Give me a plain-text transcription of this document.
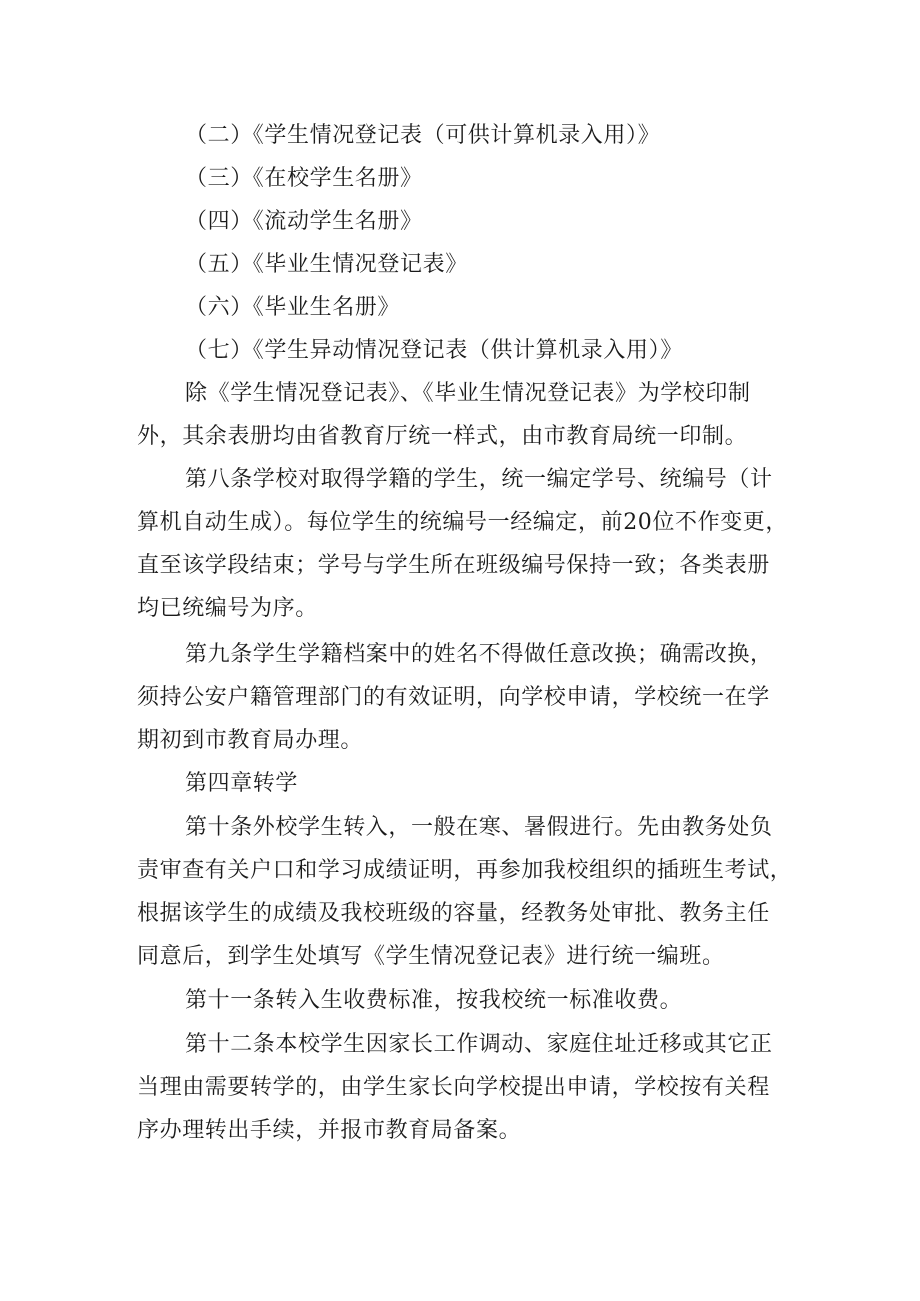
（二）《学生情况登记表（可供计算机录入用）》

（三）《在校学生名册》

（四）《流动学生名册》

（五）《毕业生情况登记表》

（六）《毕业生名册》

（七）《学生异动情况登记表（供计算机录入用）》

除《学生情况登记表》、《毕业生情况登记表》为学校印制

外，其余表册均由省教育厅统一样式，由市教育局统一印制。

第八条学校对取得学籍的学生，统一编定学号、统编号（计

算机自动生成）。每位学生的统编号一经编定，前20位不作变更，

直至该学段结束；学号与学生所在班级编号保持一致；各类表册

均已统编号为序。

第九条学生学籍档案中的姓名不得做任意改换；确需改换，

须持公安户籍管理部门的有效证明，向学校申请，学校统一在学

期初到市教育局办理。

第四章转学

第十条外校学生转入，一般在寒、暑假进行。先由教务处负

责审查有关户口和学习成绩证明，再参加我校组织的插班生考试，

根据该学生的成绩及我校班级的容量，经教务处审批、教务主任

同意后，到学生处填写《学生情况登记表》进行统一编班。

第十一条转入生收费标准，按我校统一标准收费。

第十二条本校学生因家长工作调动、家庭住址迁移或其它正

当理由需要转学的，由学生家长向学校提出申请，学校按有关程

序办理转出手续，并报市教育局备案。
